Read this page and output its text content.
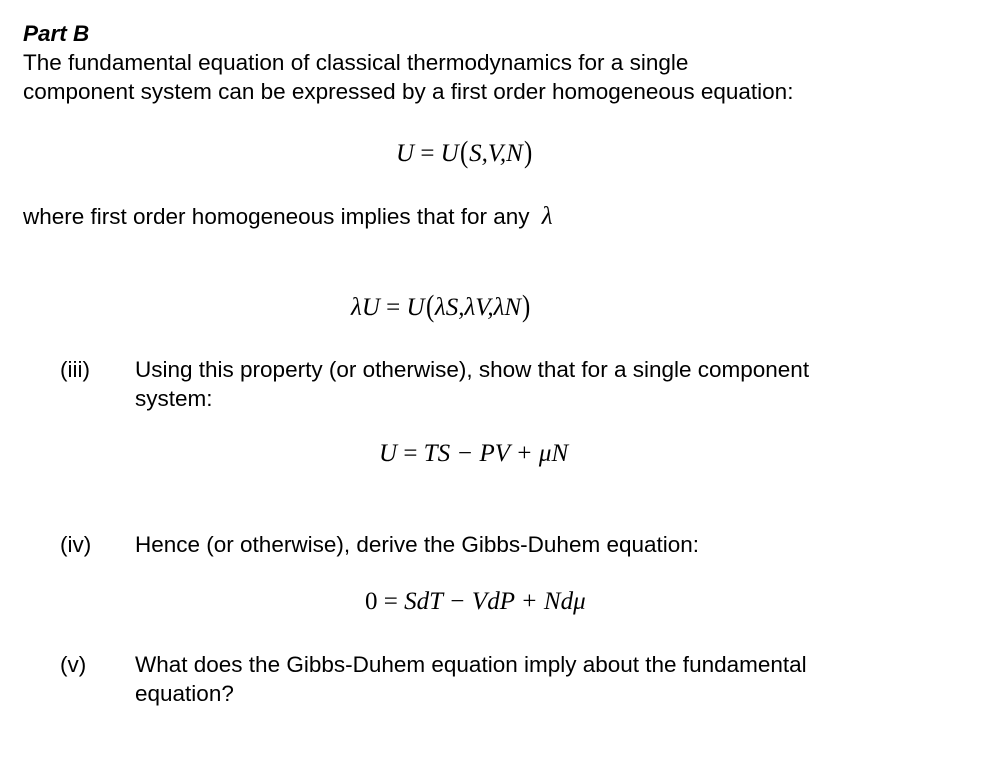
Part B
The fundamental equation of classical thermodynamics for a single
component system can be expressed by a first order homogeneous equation:
U = U(S,V,N)
where first order homogeneous implies that for any λ
λU = U(λS,λV,λN)
(iii) Using this property (or otherwise), show that for a single component
system:
U = TS − PV + μN
(iv) Hence (or otherwise), derive the Gibbs-Duhem equation:
0 = SdT − VdP + Ndμ
(v) What does the Gibbs-Duhem equation imply about the fundamental
equation?
